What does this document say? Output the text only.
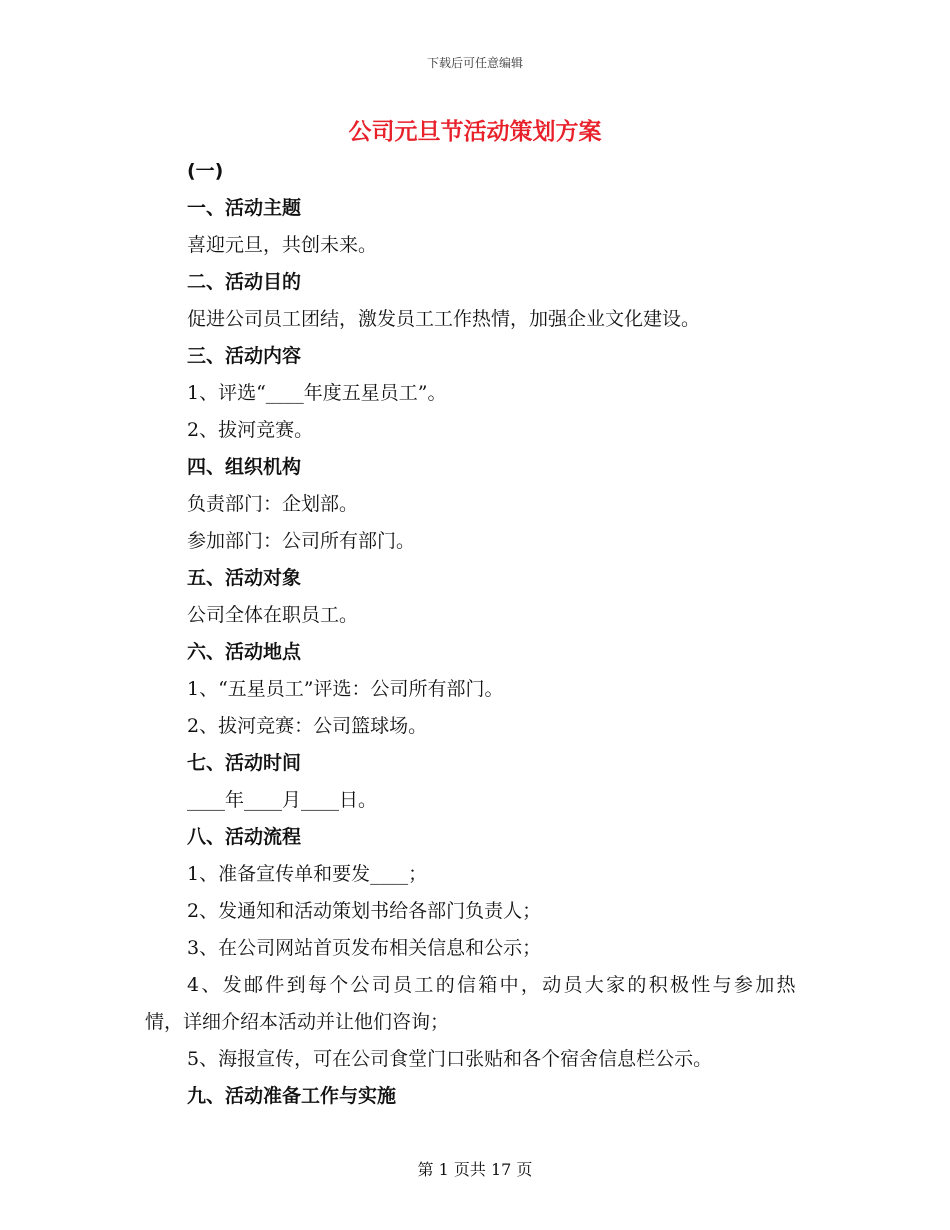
下载后可任意编辑
公司元旦节活动策划方案
(一)
一、活动主题
喜迎元旦，共创未来。
二、活动目的
促进公司员工团结，激发员工工作热情，加强企业文化建设。
三、活动内容
1、评选“____年度五星员工”。
2、拔河竞赛。
四、组织机构
负责部门：企划部。
参加部门：公司所有部门。
五、活动对象
公司全体在职员工。
六、活动地点
1、“五星员工”评选：公司所有部门。
2、拔河竞赛：公司篮球场。
七、活动时间
____年____月____日。
八、活动流程
1、准备宣传单和要发____；
2、发通知和活动策划书给各部门负责人；
3、在公司网站首页发布相关信息和公示；
4、发邮件到每个公司员工的信箱中，动员大家的积极性与参加热
情，详细介绍本活动并让他们咨询；
5、海报宣传，可在公司食堂门口张贴和各个宿舍信息栏公示。
九、活动准备工作与实施
第 1 页共 17 页
